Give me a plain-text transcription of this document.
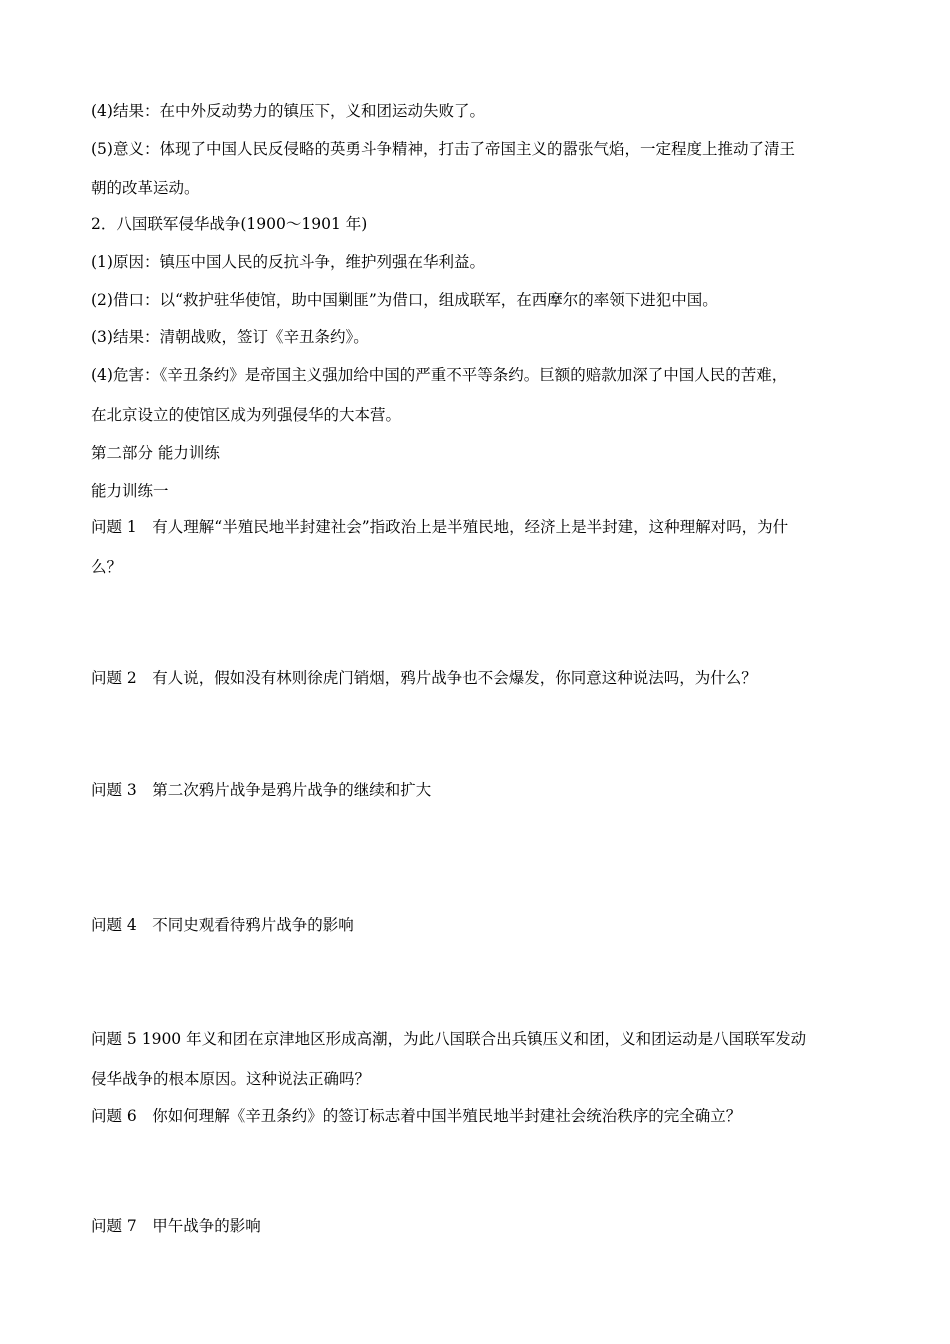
(4)结果：在中外反动势力的镇压下，义和团运动失败了。
(5)意义：体现了中国人民反侵略的英勇斗争精神，打击了帝国主义的嚣张气焰，一定程度上推动了清王
朝的改革运动。
2．八国联军侵华战争(1900～1901 年)
(1)原因：镇压中国人民的反抗斗争，维护列强在华利益。
(2)借口：以“救护驻华使馆，助中国剿匪”为借口，组成联军，在西摩尔的率领下进犯中国。
(3)结果：清朝战败，签订《辛丑条约》。
(4)危害：《辛丑条约》是帝国主义强加给中国的严重不平等条约。巨额的赔款加深了中国人民的苦难，
在北京设立的使馆区成为列强侵华的大本营。
第二部分 能力训练
能力训练一
问题 1　有人理解“半殖民地半封建社会”指政治上是半殖民地，经济上是半封建，这种理解对吗，为什
么？
问题 2　有人说，假如没有林则徐虎门销烟，鸦片战争也不会爆发，你同意这种说法吗，为什么？
问题 3　第二次鸦片战争是鸦片战争的继续和扩大
问题 4　不同史观看待鸦片战争的影响
问题 5 1900 年义和团在京津地区形成高潮，为此八国联合出兵镇压义和团，义和团运动是八国联军发动
侵华战争的根本原因。这种说法正确吗？
问题 6　你如何理解《辛丑条约》的签订标志着中国半殖民地半封建社会统治秩序的完全确立？
问题 7　甲午战争的影响
